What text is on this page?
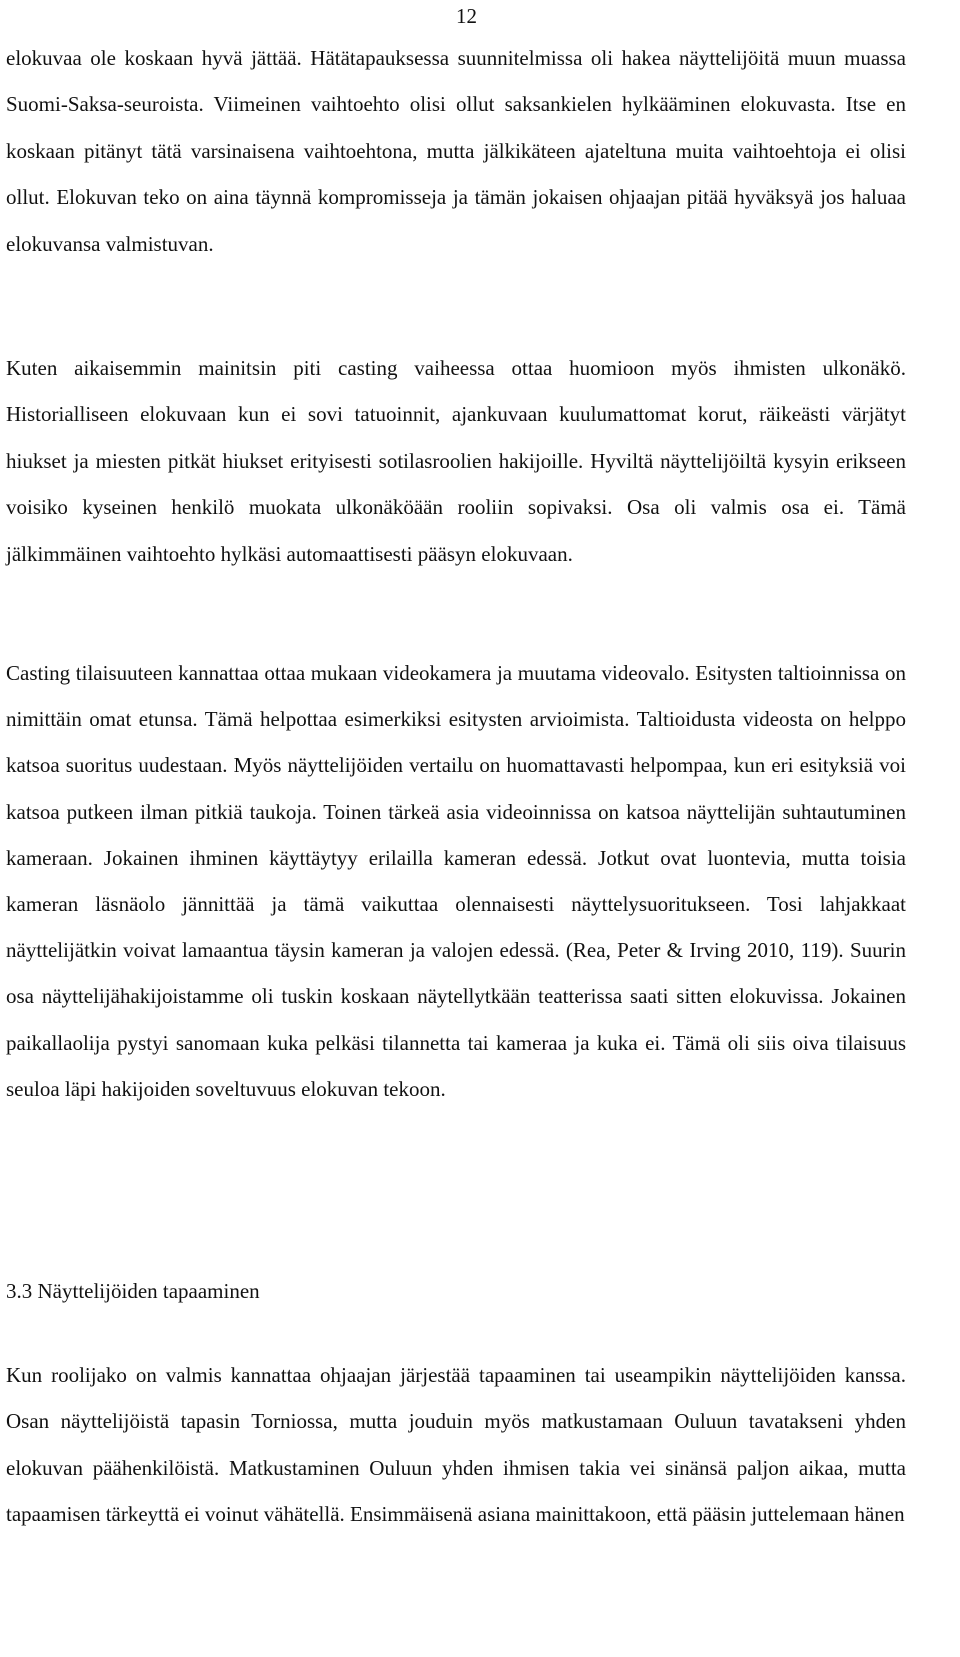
12

elokuvaa ole koskaan hyvä jättää. Hätätapauksessa suunnitelmissa oli hakea näyttelijöitä muun muassa Suomi-Saksa-seuroista. Viimeinen vaihtoehto olisi ollut saksankielen hylkääminen elokuvasta. Itse en koskaan pitänyt tätä varsinaisena vaihtoehtona, mutta jälkikäteen ajateltuna muita vaihtoehtoja ei olisi ollut. Elokuvan teko on aina täynnä kompromisseja ja tämän jokaisen ohjaajan pitää hyväksyä jos haluaa elokuvansa valmistuvan.

Kuten aikaisemmin mainitsin piti casting vaiheessa ottaa huomioon myös ihmisten ulkonäkö. Historialliseen elokuvaan kun ei sovi tatuoinnit, ajankuvaan kuulumattomat korut, räikeästi värjätyt hiukset ja miesten pitkät hiukset erityisesti sotilasroolien hakijoille. Hyviltä näyttelijöiltä kysyin erikseen voisiko kyseinen henkilö muokata ulkonäköään rooliin sopivaksi. Osa oli valmis osa ei. Tämä jälkimmäinen vaihtoehto hylkäsi automaattisesti pääsyn elokuvaan.

Casting tilaisuuteen kannattaa ottaa mukaan videokamera ja muutama videovalo. Esitysten taltioinnissa on nimittäin omat etunsa. Tämä helpottaa esimerkiksi esitysten arvioimista. Taltioidusta videosta on helppo katsoa suoritus uudestaan. Myös näyttelijöiden vertailu on huomattavasti helpompaa, kun eri esityksiä voi katsoa putkeen ilman pitkiä taukoja. Toinen tärkeä asia videoinnissa on katsoa näyttelijän suhtautuminen kameraan. Jokainen ihminen käyttäytyy erilailla kameran edessä. Jotkut ovat luontevia, mutta toisia kameran läsnäolo jännittää ja tämä vaikuttaa olennaisesti näyttelysuoritukseen. Tosi lahjakkaat näyttelijätkin voivat lamaantua täysin kameran ja valojen edessä. (Rea, Peter & Irving 2010, 119). Suurin osa näyttelijähakijoistamme oli tuskin koskaan näytellytkään teatterissa saati sitten elokuvissa. Jokainen paikallaolija pystyi sanomaan kuka pelkäsi tilannetta tai kameraa ja kuka ei. Tämä oli siis oiva tilaisuus seuloa läpi hakijoiden soveltuvuus elokuvan tekoon.

3.3 Näyttelijöiden tapaaminen

Kun roolijako on valmis kannattaa ohjaajan järjestää tapaaminen tai useampikin näyttelijöiden kanssa. Osan näyttelijöistä tapasin Torniossa, mutta jouduin myös matkustamaan Ouluun tavatakseni yhden elokuvan päähenkilöistä. Matkustaminen Ouluun yhden ihmisen takia vei sinänsä paljon aikaa, mutta tapaamisen tärkeyttä ei voinut vähätellä. Ensimmäisenä asiana mainittakoon, että pääsin juttelemaan hänen
